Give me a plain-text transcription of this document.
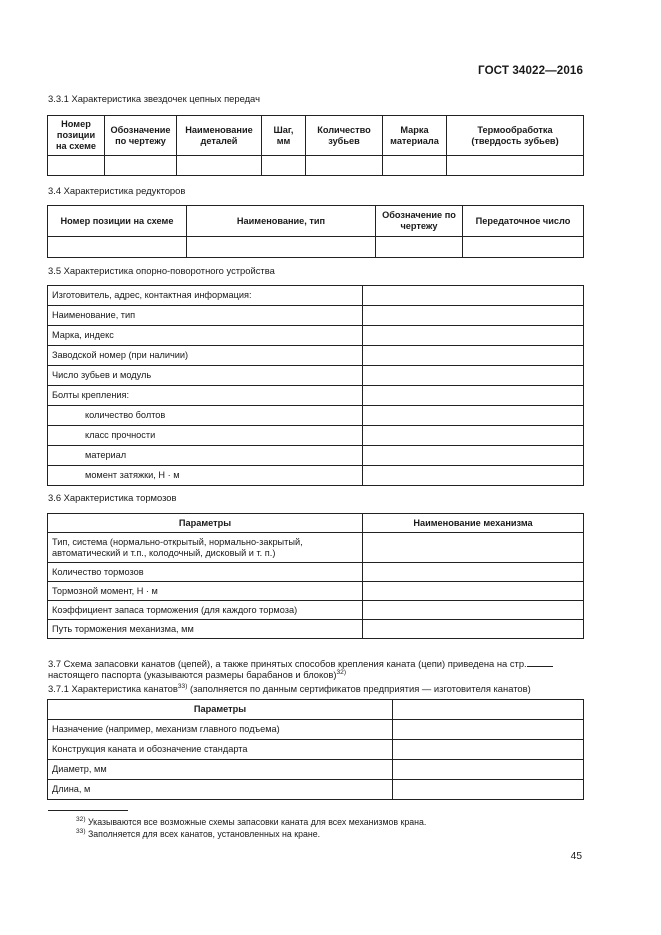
ГОСТ 34022—2016
3.3.1 Характеристика звездочек цепных передач
Номер позиции на схеме	Обозначение по чертежу	Наименование деталей	Шаг, мм	Количество зубьев	Марка материала	Термообработка (твердость зубьев)

3.4 Характеристика редукторов
Номер позиции на схеме	Наименование, тип	Обозначение по чертежу	Передаточное число

3.5 Характеристика опорно-поворотного устройства
Изготовитель, адрес, контактная информация:	
Наименование, тип	
Марка, индекс	
Заводской номер (при наличии)	
Число зубьев и модуль	
Болты крепления:	
количество болтов	
класс прочности	
материал	
момент затяжки, Н · м	
3.6 Характеристика тормозов
Параметры	Наименование механизма
Тип, система (нормально-открытый, нормально-закрытый, автоматический и т.п., колодочный, дисковый и т. п.)	
Количество тормозов	
Тормозной момент, Н · м	
Коэффициент запаса торможения (для каждого тормоза)	
Путь торможения механизма, мм	
3.7 Схема запасовки канатов (цепей), а также принятых способов крепления каната (цепи) приведена на стр.
настоящего паспорта (указываются размеры барабанов и блоков)$^{32)}$
3.7.1 Характеристика канатов$^{33)}$ (заполняется по данным сертификатов предприятия — изготовителя канатов)
Параметры	
Назначение (например, механизм главного подъема)	
Конструкция каната и обозначение стандарта	
Диаметр, мм	
Длина, м	
$^{32)}$ Указываются все возможные схемы запасовки каната для всех механизмов крана.
$^{33)}$ Заполняется для всех канатов, установленных на кране.
45
